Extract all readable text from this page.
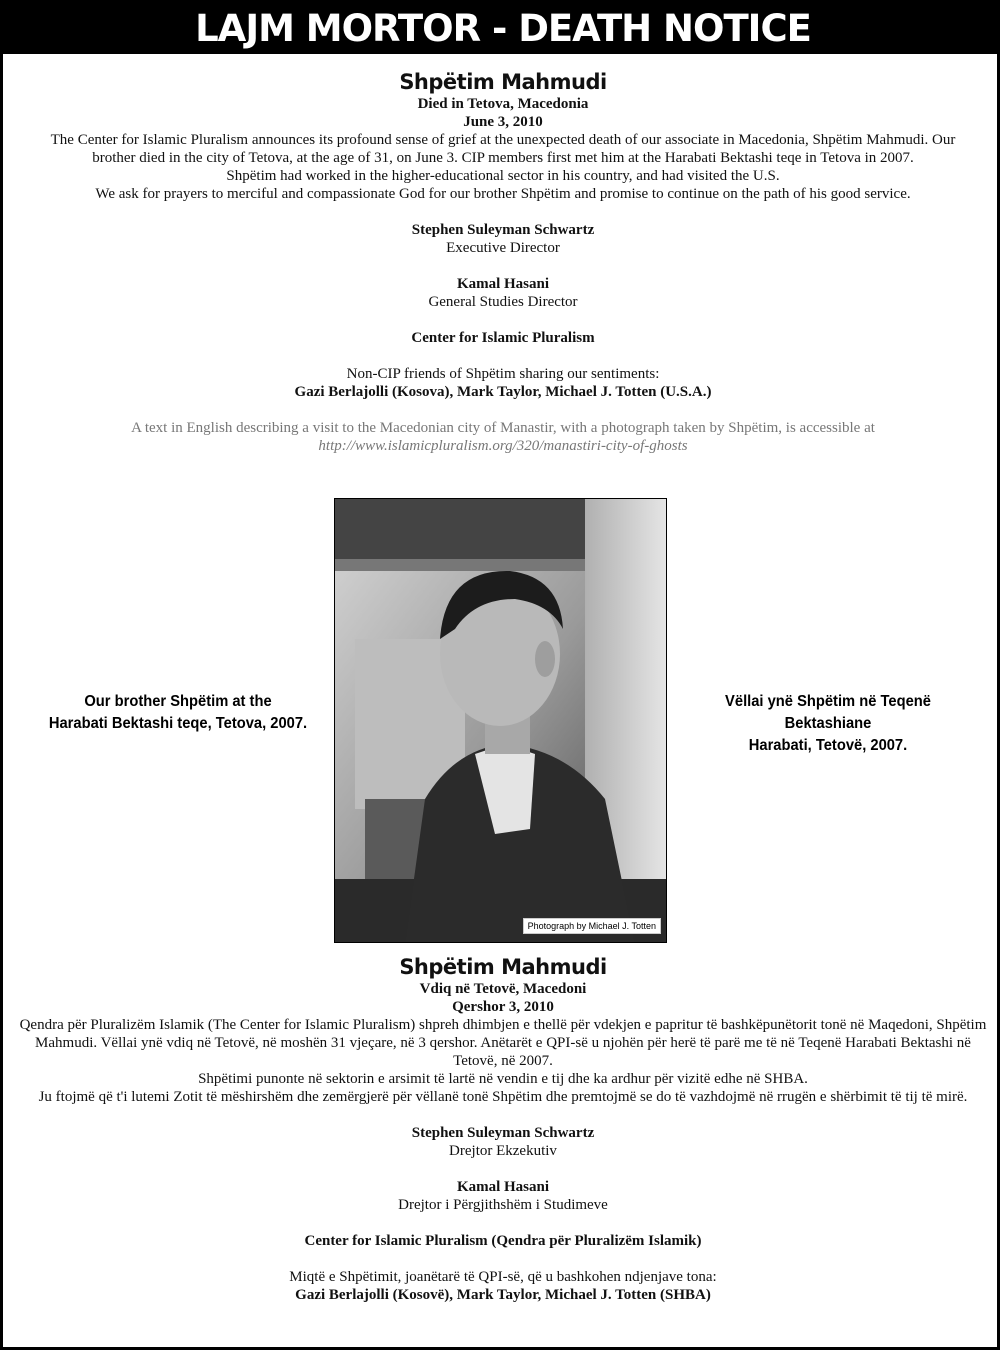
LAJM MORTOR - DEATH NOTICE

Shpëtim Mahmudi

Died in Tetova, Macedonia

June 3, 2010

The Center for Islamic Pluralism announces its profound sense of grief at the unexpected death of our associate in Macedonia, Shpëtim Mahmudi. Our brother died in the city of Tetova, at the age of 31, on June 3. CIP members first met him at the Harabati Bektashi teqe in Tetova in 2007.

Shpëtim had worked in the higher-educational sector in his country, and had visited the U.S.

We ask for prayers to merciful and compassionate God for our brother Shpëtim and promise to continue on the path of his good service.

Stephen Suleyman Schwartz

Executive Director

Kamal Hasani

General Studies Director

Center for Islamic Pluralism

Non-CIP friends of Shpëtim sharing our sentiments:

Gazi Berlajolli (Kosova), Mark Taylor, Michael J. Totten (U.S.A.)

A text in English describing a visit to the Macedonian city of Manastir, with a photograph taken by Shpëtim, is accessible at

http://www.islamicpluralism.org/320/manastiri-city-of-ghosts

Our brother Shpëtim at the
Harabati Bektashi teqe, Tetova, 2007.
Photograph by Michael J. Totten
Vëllai ynë Shpëtim në Teqenë Bektashiane
Harabati, Tetovë, 2007.

Shpëtim Mahmudi

Vdiq në Tetovë, Macedoni

Qershor 3, 2010

Qendra për Pluralizëm Islamik (The Center for Islamic Pluralism) shpreh dhimbjen e thellë për vdekjen e papritur të bashkëpunëtorit tonë në Maqedoni, Shpëtim Mahmudi. Vëllai ynë vdiq në Tetovë, në moshën 31 vjeçare, në 3 qershor. Anëtarët e QPI-së u njohën për herë të parë me të në Teqenë Harabati Bektashi në Tetovë, në 2007.

Shpëtimi punonte në sektorin e arsimit të lartë në vendin e tij dhe ka ardhur për vizitë edhe në SHBA.

Ju ftojmë që t'i lutemi Zotit të mëshirshëm dhe zemërgjerë për vëllanë tonë Shpëtim dhe premtojmë se do të vazhdojmë në rrugën e shërbimit të tij të mirë.

Stephen Suleyman Schwartz

Drejtor Ekzekutiv

Kamal Hasani

Drejtor i Përgjithshëm i Studimeve

Center for Islamic Pluralism (Qendra për Pluralizëm Islamik)

Miqtë e Shpëtimit, joanëtarë të QPI-së, që u bashkohen ndjenjave tona:

Gazi Berlajolli (Kosovë), Mark Taylor, Michael J. Totten (SHBA)
